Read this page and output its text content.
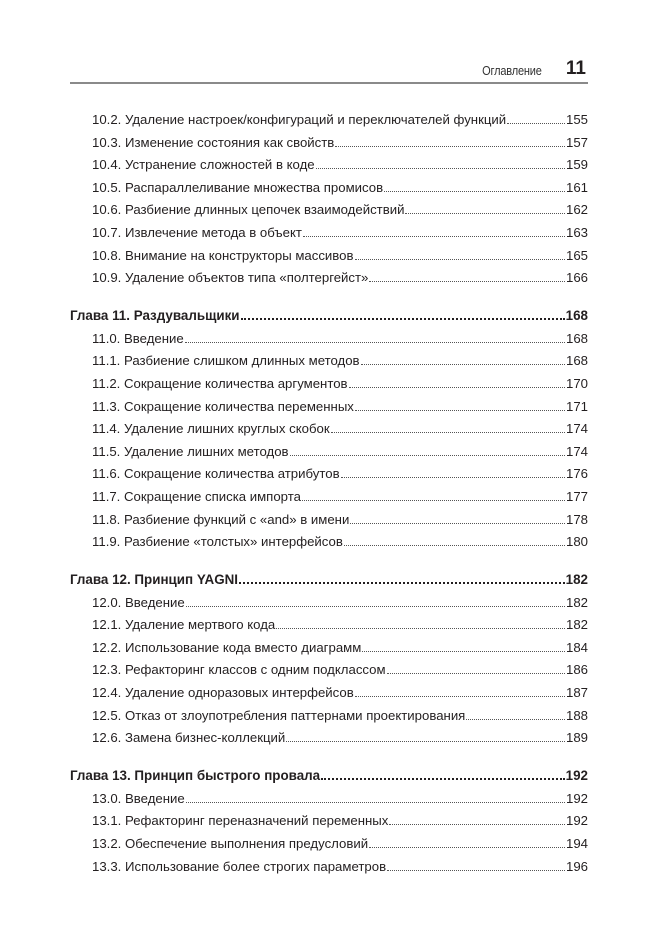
Оглавление 11
10.2. Удаление настроек/конфигураций и переключателей функций	155
10.3. Изменение состояния как свойств	157
10.4. Устранение сложностей в коде	159
10.5. Распараллеливание множества промисов	161
10.6. Разбиение длинных цепочек взаимодействий	162
10.7. Извлечение метода в объект	163
10.8. Внимание на конструкторы массивов	165
10.9. Удаление объектов типа «полтергейст»	166
Глава 11. Раздувальщики	168
11.0. Введение	168
11.1. Разбиение слишком длинных методов	168
11.2. Сокращение количества аргументов	170
11.3. Сокращение количества переменных	171
11.4. Удаление лишних круглых скобок	174
11.5. Удаление лишних методов	174
11.6. Сокращение количества атрибутов	176
11.7. Сокращение списка импорта	177
11.8. Разбиение функций с «and» в имени	178
11.9. Разбиение «толстых» интерфейсов	180
Глава 12. Принцип YAGNI	182
12.0. Введение	182
12.1. Удаление мертвого кода	182
12.2. Использование кода вместо диаграмм	184
12.3. Рефакторинг классов с одним подклассом	186
12.4. Удаление одноразовых интерфейсов	187
12.5. Отказ от злоупотребления паттернами проектирования	188
12.6. Замена бизнес-коллекций	189
Глава 13. Принцип быстрого провала	192
13.0. Введение	192
13.1. Рефакторинг переназначений переменных	192
13.2. Обеспечение выполнения предусловий	194
13.3. Использование более строгих параметров	196
